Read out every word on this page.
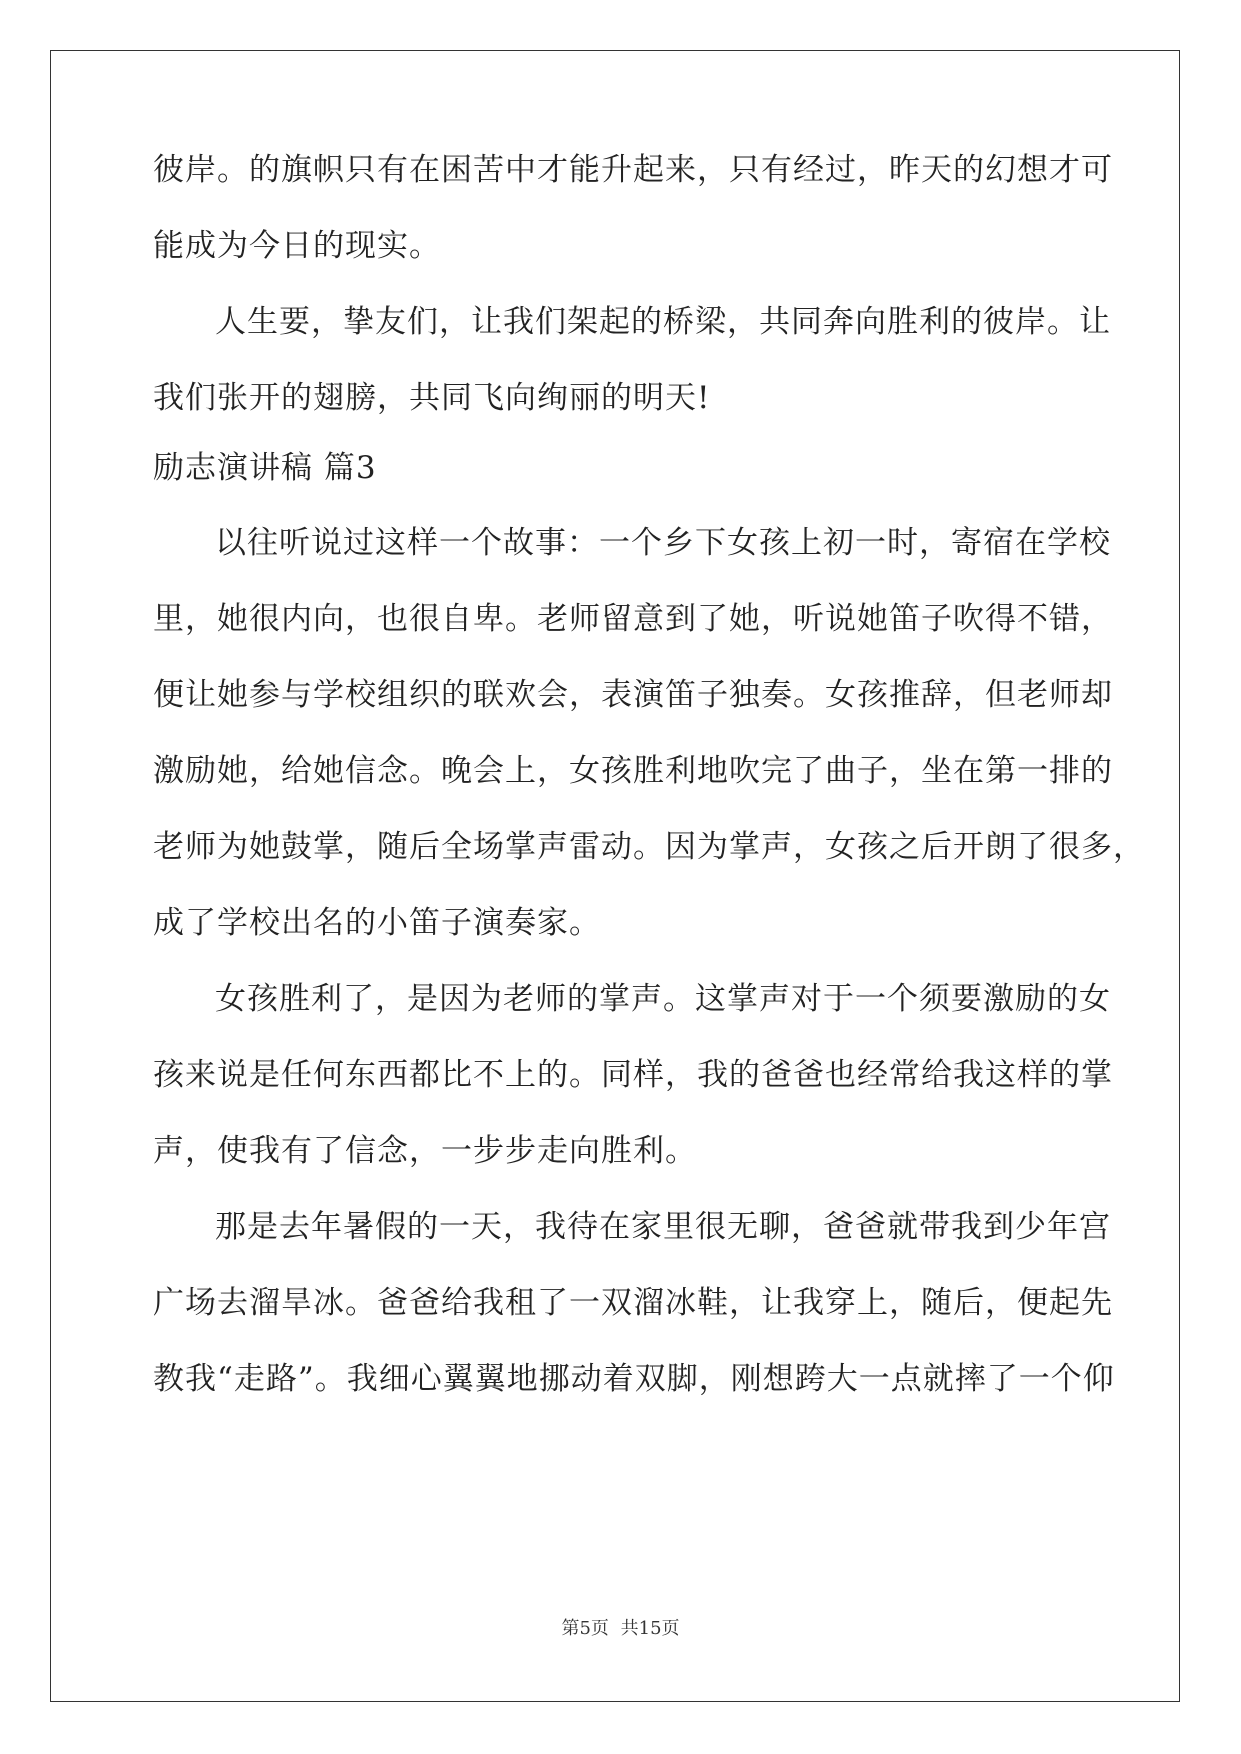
彼岸。的旗帜只有在困苦中才能升起来，只有经过，昨天的幻想才可
能成为今日的现实。
人生要，挚友们，让我们架起的桥梁，共同奔向胜利的彼岸。让
我们张开的翅膀，共同飞向绚丽的明天!
励志演讲稿 篇3
以往听说过这样一个故事：一个乡下女孩上初一时，寄宿在学校
里，她很内向，也很自卑。老师留意到了她，听说她笛子吹得不错，
便让她参与学校组织的联欢会，表演笛子独奏。女孩推辞，但老师却
激励她，给她信念。晚会上，女孩胜利地吹完了曲子，坐在第一排的
老师为她鼓掌，随后全场掌声雷动。因为掌声，女孩之后开朗了很多，
成了学校出名的小笛子演奏家。
女孩胜利了，是因为老师的掌声。这掌声对于一个须要激励的女
孩来说是任何东西都比不上的。同样，我的爸爸也经常给我这样的掌
声，使我有了信念，一步步走向胜利。
那是去年暑假的一天，我待在家里很无聊，爸爸就带我到少年宫
广场去溜旱冰。爸爸给我租了一双溜冰鞋，让我穿上，随后，便起先
教我“走路”。我细心翼翼地挪动着双脚，刚想跨大一点就摔了一个仰
第5页 共15页
